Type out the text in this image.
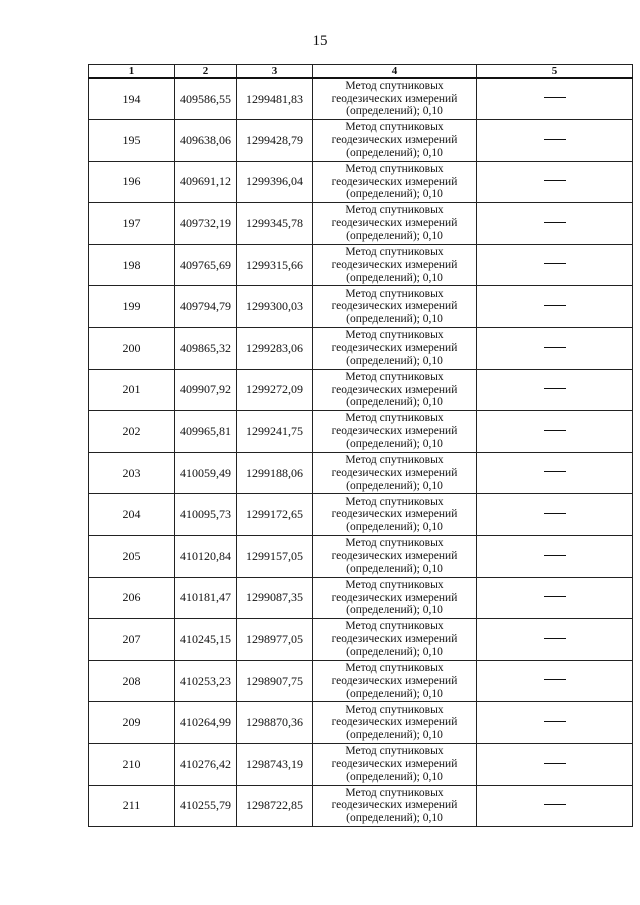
15
1	2	3	4	5
194	409586,55	1299481,83	Метод спутниковых
геодезических измерений
(определений); 0,10	
195	409638,06	1299428,79	Метод спутниковых
геодезических измерений
(определений); 0,10	
196	409691,12	1299396,04	Метод спутниковых
геодезических измерений
(определений); 0,10	
197	409732,19	1299345,78	Метод спутниковых
геодезических измерений
(определений); 0,10	
198	409765,69	1299315,66	Метод спутниковых
геодезических измерений
(определений); 0,10	
199	409794,79	1299300,03	Метод спутниковых
геодезических измерений
(определений); 0,10	
200	409865,32	1299283,06	Метод спутниковых
геодезических измерений
(определений); 0,10	
201	409907,92	1299272,09	Метод спутниковых
геодезических измерений
(определений); 0,10	
202	409965,81	1299241,75	Метод спутниковых
геодезических измерений
(определений); 0,10	
203	410059,49	1299188,06	Метод спутниковых
геодезических измерений
(определений); 0,10	
204	410095,73	1299172,65	Метод спутниковых
геодезических измерений
(определений); 0,10	
205	410120,84	1299157,05	Метод спутниковых
геодезических измерений
(определений); 0,10	
206	410181,47	1299087,35	Метод спутниковых
геодезических измерений
(определений); 0,10	
207	410245,15	1298977,05	Метод спутниковых
геодезических измерений
(определений); 0,10	
208	410253,23	1298907,75	Метод спутниковых
геодезических измерений
(определений); 0,10	
209	410264,99	1298870,36	Метод спутниковых
геодезических измерений
(определений); 0,10	
210	410276,42	1298743,19	Метод спутниковых
геодезических измерений
(определений); 0,10	
211	410255,79	1298722,85	Метод спутниковых
геодезических измерений
(определений); 0,10	
